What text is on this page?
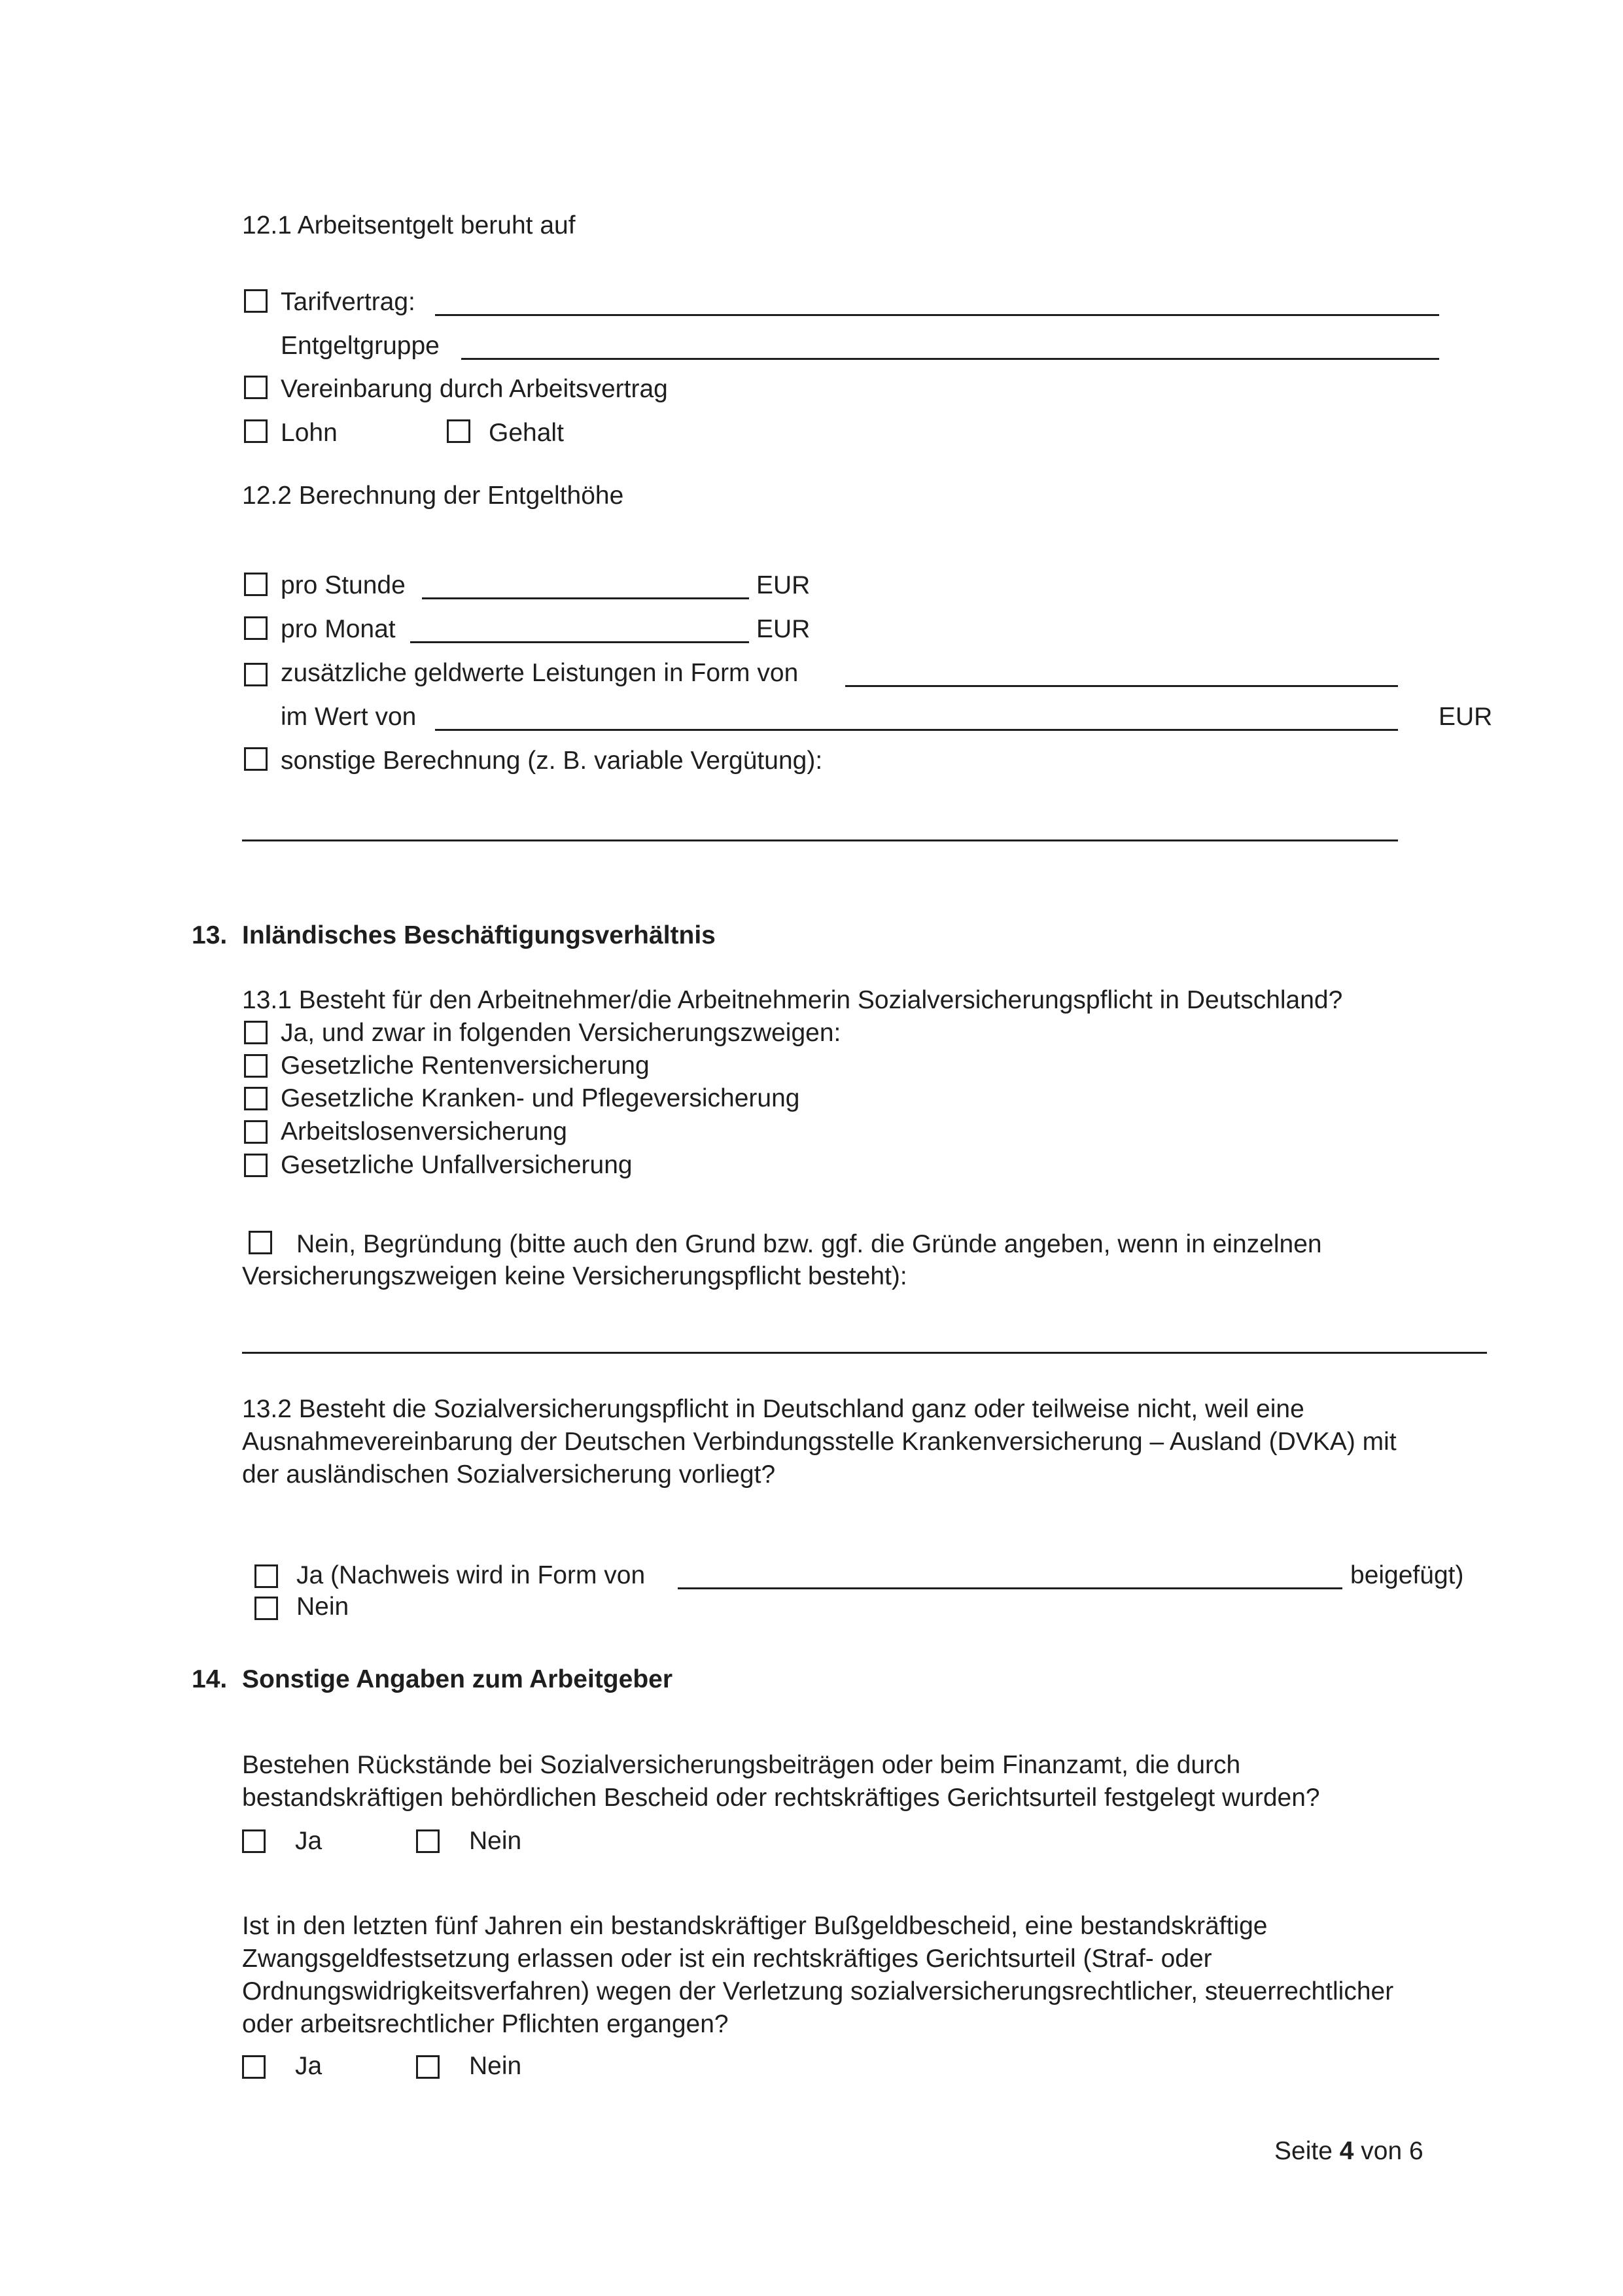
12.1 Arbeitsentgelt beruht auf
Tarifvertrag:
Entgeltgruppe
Vereinbarung durch Arbeitsvertrag
Lohn	Gehalt
12.2 Berechnung der Entgelthöhe
pro Stunde	EUR
pro Monat	EUR
zusätzliche geldwerte Leistungen in Form von
im Wert von	EUR
sonstige Berechnung (z. B. variable Vergütung):
13. Inländisches Beschäftigungsverhältnis
13.1 Besteht für den Arbeitnehmer/die Arbeitnehmerin Sozialversicherungspflicht in Deutschland?
Ja, und zwar in folgenden Versicherungszweigen:
Gesetzliche Rentenversicherung
Gesetzliche Kranken- und Pflegeversicherung
Arbeitslosenversicherung
Gesetzliche Unfallversicherung
Nein, Begründung (bitte auch den Grund bzw. ggf. die Gründe angeben, wenn in einzelnen
Versicherungszweigen keine Versicherungspflicht besteht):
13.2 Besteht die Sozialversicherungspflicht in Deutschland ganz oder teilweise nicht, weil eine
Ausnahmevereinbarung der Deutschen Verbindungsstelle Krankenversicherung – Ausland (DVKA) mit
der ausländischen Sozialversicherung vorliegt?
Ja (Nachweis wird in Form von	beigefügt)
Nein
14. Sonstige Angaben zum Arbeitgeber
Bestehen Rückstände bei Sozialversicherungsbeiträgen oder beim Finanzamt, die durch
bestandskräftigen behördlichen Bescheid oder rechtskräftiges Gerichtsurteil festgelegt wurden?
Ja	Nein
Ist in den letzten fünf Jahren ein bestandskräftiger Bußgeldbescheid, eine bestandskräftige
Zwangsgeldfestsetzung erlassen oder ist ein rechtskräftiges Gerichtsurteil (Straf- oder
Ordnungswidrigkeitsverfahren) wegen der Verletzung sozialversicherungsrechtlicher, steuerrechtlicher
oder arbeitsrechtlicher Pflichten ergangen?
Ja	Nein
Seite 4 von 6
